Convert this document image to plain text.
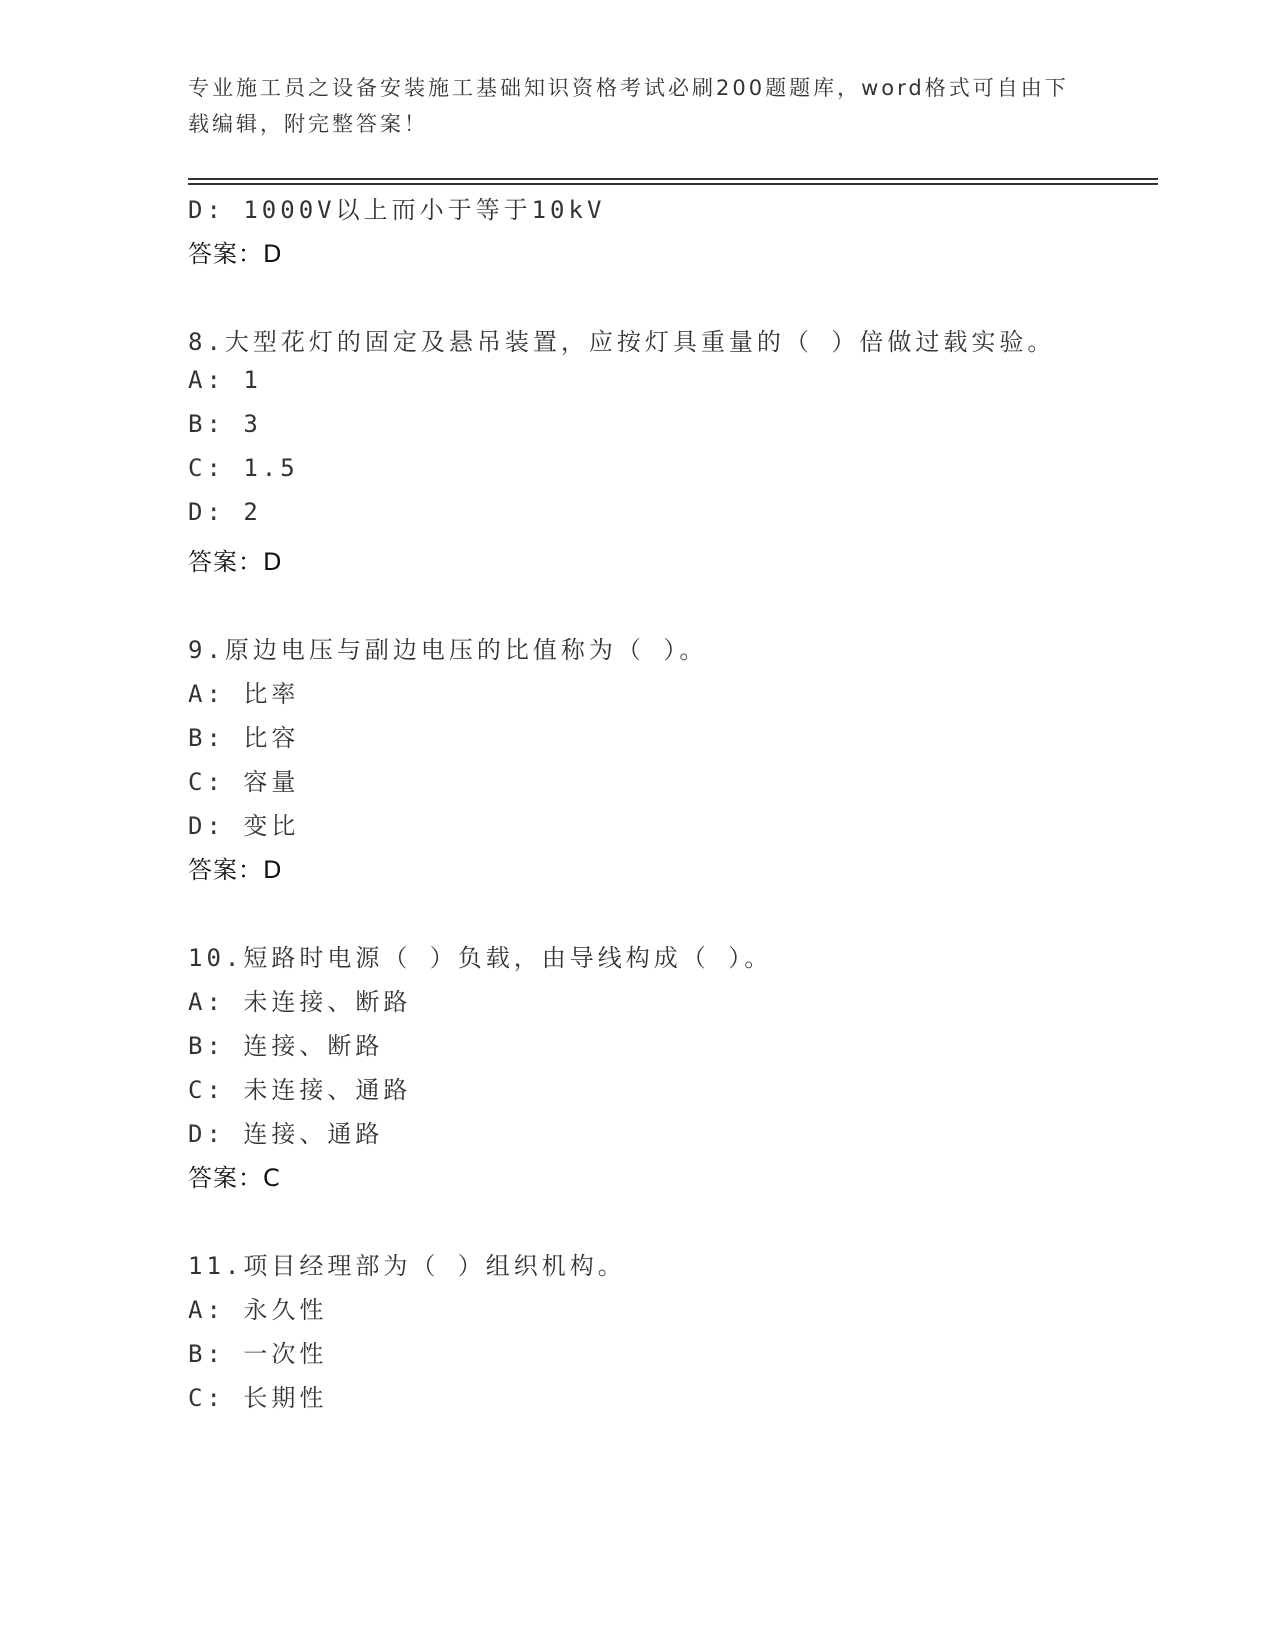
专业施工员之设备安装施工基础知识资格考试必刷200题题库，word格式可自由下载编辑，附完整答案！
D: 1000V以上而小于等于10kV
答案：D
8.大型花灯的固定及悬吊装置，应按灯具重量的（ ）倍做过载实验。
A: 1
B: 3
C: 1.5
D: 2
答案：D
9.原边电压与副边电压的比值称为（ ）。
A: 比率
B: 比容
C: 容量
D: 变比
答案：D
10.短路时电源（ ）负载，由导线构成（ ）。
A: 未连接、断路
B: 连接、断路
C: 未连接、通路
D: 连接、通路
答案：C
11.项目经理部为（ ）组织机构。
A: 永久性
B: 一次性
C: 长期性
